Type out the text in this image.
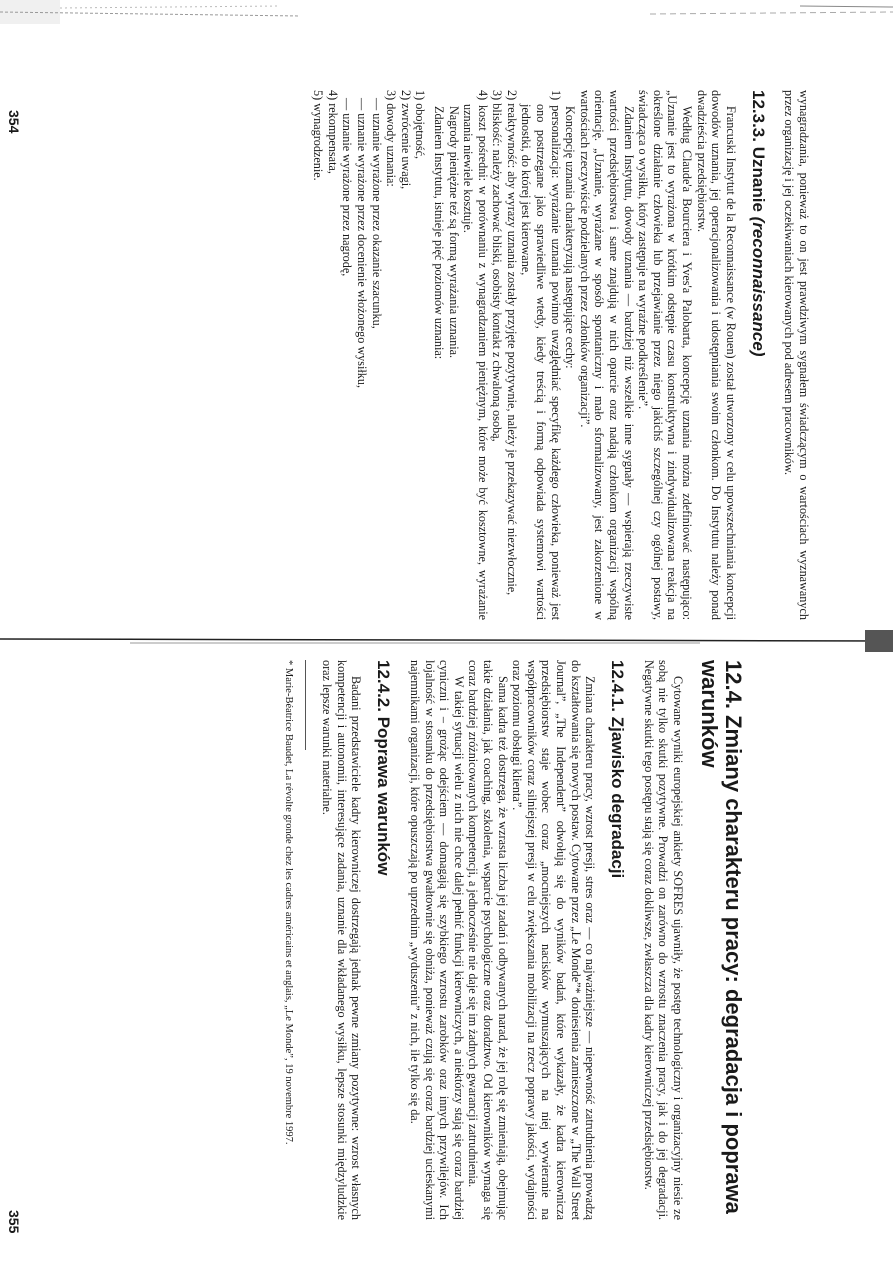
wynagradzania, ponieważ to on jest prawdziwym sygnałem świadczącym o wartościach wyznawanych przez organizację i jej oczekiwaniach kierowanych pod adresem pracowników.

12.3.3. Uznanie (reconnaissance)

Francuski Instytut de la Reconnaissance (w Rouen) został utworzony w celu upowszechniania koncepcji dowodów uznania, jej operacjonalizowania i udostępniania swoim członkom. Do Instytutu należy ponad dwadzieścia przedsiębiorstw.

Według Claude'a Bourciera i Yves'a Palobarta, koncepcję uznania można zdefiniować następująco: „Uznanie jest to wyrażona w krótkim odstępie czasu konstruktywna i zindywidualizowana reakcja na określone działanie człowieka lub przejawianie przez niego jakichś szczególnej czy ogólnej postawy, świadcząca o wysiłku, który zastępuje na wyraźne podkreślenie”.

Zdaniem Instytutu, dowody uznania — bardziej niż wszelkie inne sygnały — wspierają rzeczywiste wartości przedsiębiorstwa i same znajdują w nich oparcie oraz nadają członkom organizacji wspólną orientację. „Uznanie, wyrażane w sposób spontaniczny i mało sformalizowany, jest zakorzenione w wartościach rzeczywiście podzielanych przez członków organizacji”.

Koncepcję uznania charakteryzują następujące cechy:

1) personalizacja: wyrażanie uznania powinno uwzględniać specyfikę każdego człowieka, ponieważ jest ono postrzegane jako sprawiedliwe wtedy, kiedy treścią i formą odpowiada systemowi wartości jednostki, do której jest kierowane,

2) reaktywność: aby wyrazy uznania zostały przyjęte pozytywnie, należy je przekazywać niezwłocznie,

3) bliskość: należy zachować bliski, osobisty kontakt z chwaloną osobą,

4) koszt pośredni: w porównaniu z wynagradzaniem pieniężnym, które może być kosztowne, wyrażanie uznania niewiele kosztuje.

Nagrody pieniężne też są formą wyrażania uznania.

Zdaniem Instytutu, istnieje pięć poziomów uznania:

1) obojętność,

2) zwrócenie uwagi,

3) dowody uznania:

— uznanie wyrażone przez okazanie szacunku,

— uznanie wyrażone przez docenienie włożonego wysiłku,

— uznanie wyrażone przez nagrodę,

4) rekompensata,

5) wynagrodzenie.

354
12.4. Zmiany charakteru pracy: degradacja i poprawa warunków

Cytowane wyniki europejskiej ankiety SOFRES ujawniły, że postęp technologiczny i organizacyjny niesie ze sobą nie tylko skutki pozytywne. Prowadzi on zarówno do wzrostu znaczenia pracy, jak i do jej degradacji. Negatywne skutki tego postępu stają się coraz dokliwsze, zwłaszcza dla kadry kierowniczej przedsiębiorstw.

12.4.1. Zjawisko degradacji

Zmiana charakteru pracy, wzrost presji, stres oraz — co najważniejsze — niepewność zatrudnienia prowadzą do kształtowania się nowych postaw. Cytowane przez „Le Monde”* doniesienia zamieszczone w „The Wall Street Journal”, „The Independent” odwołują się do wyników badań, które wykazały, że kadra kierownicza przedsiębiorstw staje wobec coraz „mocniejszych nacisków wymuszających na niej wywieranie na współpracowników coraz silniejszej presji w celu zwiększania mobilizacji na rzecz poprawy jakości, wydajności oraz poziomu obsługi klienta”.

Sama kadra też dostrzega, że wzrasta liczba jej zadań i odbywanych narad, że jej rolę się zmieniają, obejmując takie działania, jak coaching, szkolenia, wsparcie psychologiczne oraz doradztwo. Od kierowników wymaga się coraz bardziej zróżnicowanych kompetencji, a jednocześnie nie daje się im żadnych gwarancji zatrudnienia.

W takiej sytuacji wielu z nich nie chce dalej pełnić funkcji kierowniczych, a niektórzy stają się coraz bardziej cyniczni i – grożąc odejściem — domagają się szybkiego wzrostu zarobków oraz innych przywilejów. Ich lojalność w stosunku do przedsiębiorstwa gwałtownie się obniża, ponieważ czują się coraz bardziej ucieskanymi najemnikami organizacji, które opuszczają po uprzednim „wyduszeniu” z nich, ile tylko się da.

12.4.2. Poprawa warunków

Badani przedstawiciele kadry kierowniczej dostrzegają jednak pewne zmiany pozytywne: wzrost własnych kompetencji i autonomii, interesujące zadania, uznanie dla wkładanego wysiłku, lepsze stosunki międzyludzkie oraz lepsze warunki materialne.

* Marie-Béatrice Baudet, La révolte gronde chez les cadres américains et anglais, „Le Monde”, 19 novembre 1997.

355
